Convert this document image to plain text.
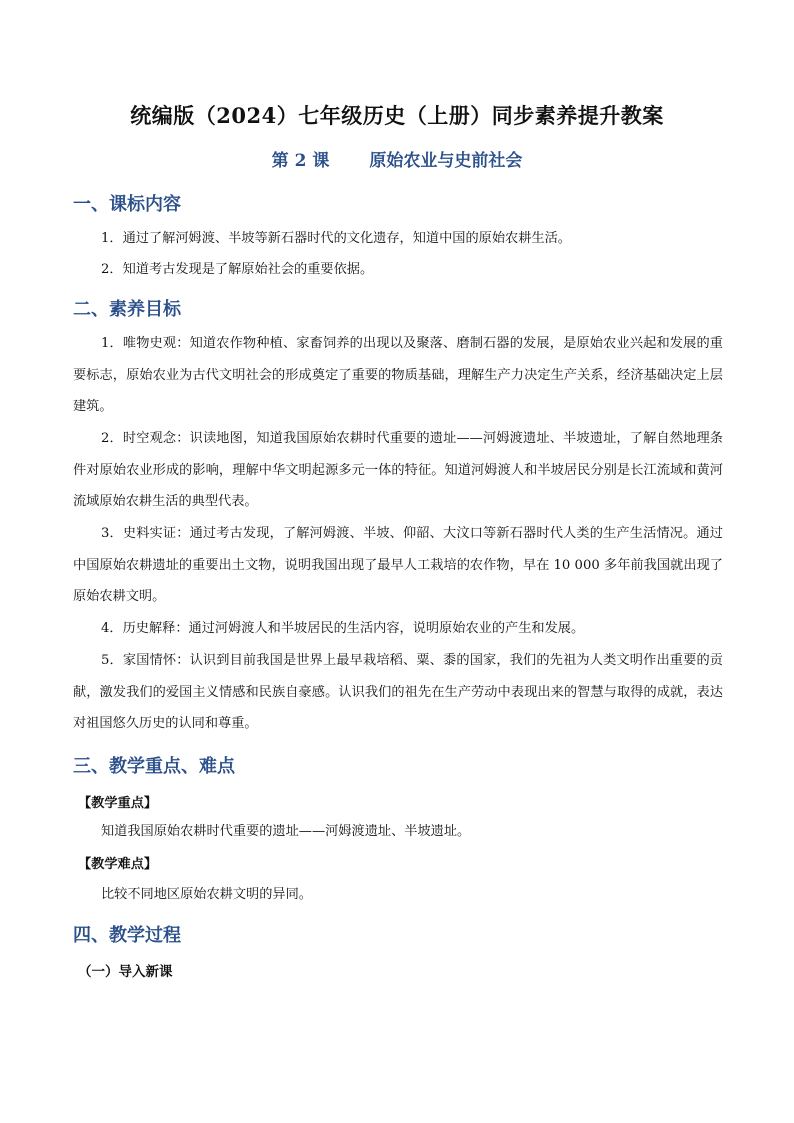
统编版（2024）七年级历史（上册）同步素养提升教案
第 2 课 原始农业与史前社会
一、课标内容
1．通过了解河姆渡、半坡等新石器时代的文化遗存，知道中国的原始农耕生活。
2．知道考古发现是了解原始社会的重要依据。
二、素养目标
1．唯物史观：知道农作物种植、家畜饲养的出现以及聚落、磨制石器的发展，是原始农业兴起和发展的重要标志，原始农业为古代文明社会的形成奠定了重要的物质基础，理解生产力决定生产关系，经济基础决定上层建筑。
2．时空观念：识读地图，知道我国原始农耕时代重要的遗址——河姆渡遗址、半坡遗址，了解自然地理条件对原始农业形成的影响，理解中华文明起源多元一体的特征。知道河姆渡人和半坡居民分别是长江流域和黄河流域原始农耕生活的典型代表。
3．史料实证：通过考古发现，了解河姆渡、半坡、仰韶、大汶口等新石器时代人类的生产生活情况。通过中国原始农耕遗址的重要出土文物，说明我国出现了最早人工栽培的农作物，早在 10 000 多年前我国就出现了原始农耕文明。
4．历史解释：通过河姆渡人和半坡居民的生活内容，说明原始农业的产生和发展。
5．家国情怀：认识到目前我国是世界上最早栽培稻、粟、黍的国家，我们的先祖为人类文明作出重要的贡献，激发我们的爱国主义情感和民族自豪感。认识我们的祖先在生产劳动中表现出来的智慧与取得的成就，表达对祖国悠久历史的认同和尊重。
三、教学重点、难点
【教学重点】
知道我国原始农耕时代重要的遗址——河姆渡遗址、半坡遗址。
【教学难点】
比较不同地区原始农耕文明的异同。
四、教学过程
（一）导入新课
